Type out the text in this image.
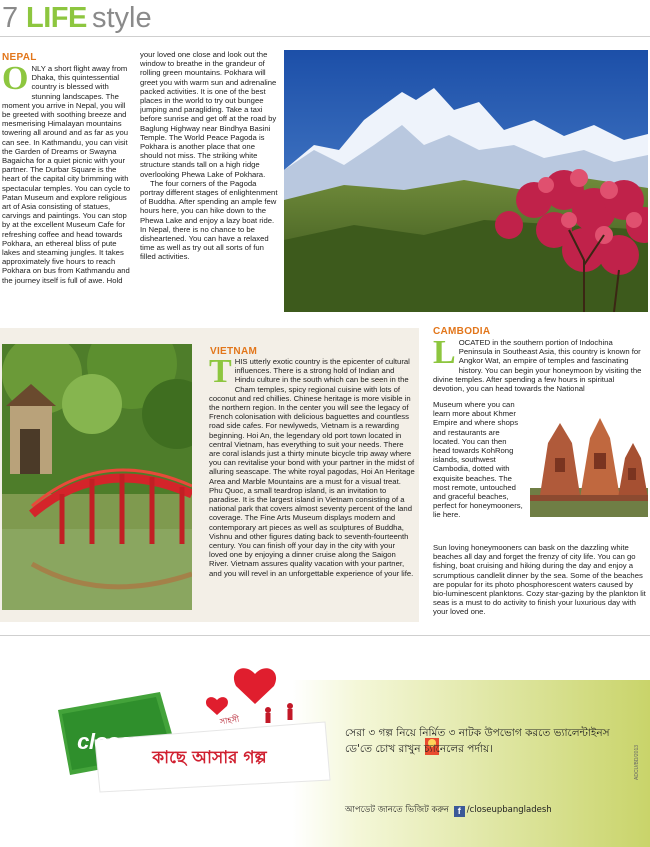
7 LIFE style
NEPAL
O NLY a short flight away from Dhaka, this quintessential country is blessed with stunning landscapes. The moment you arrive in Nepal, you will be greeted with soothing breeze and mesmerising Himalayan mountains towering all around and as far as you can see. In Kathmandu, you can visit the Garden of Dreams or Swayna Bagaicha for a quiet picnic with your partner. The Durbar Square is the heart of the capital city brimming with spectacular temples. You can cycle to Patan Museum and explore religious art of Asia consisting of statues, carvings and paintings. You can stop by at the excellent Museum Cafe for refreshing coffee and head towards Pokhara, an ethereal bliss of pute lakes and steaming jungles. It takes approximately five hours to reach Pokhara on bus from Kathmandu and the journey itself is full of awe. Hold

your loved one close and look out the window to breathe in the grandeur of rolling green mountains. Pokhara will greet you with warm sun and adrenaline packed activities. It is one of the best places in the world to try out bungee jumping and paragliding. Take a taxi before sunrise and get off at the road by Baglung Highway near Bindhya Basini Temple. The World Peace Pagoda is Pokhara is another place that one should not miss. The striking white structure stands tall on a high ridge overlooking Phewa Lake of Pokhara.

The four corners of the Pagoda portray different stages of enlightenment of Buddha. After spending an ample few hours here, you can hike down to the Phewa Lake and enjoy a lazy boat ride. In Nepal, there is no chance to be disheartened. You can have a relaxed time as well as try out all sorts of fun filled activities.

VIETNAM
T HIS utterly exotic country is the epicenter of cultural influences. There is a strong hold of Indian and Hindu culture in the south which can be seen in the Cham temples, spicy regional cuisine with lots of coconut and red chillies. Chinese heritage is more visible in the northern region. In the center you will see the legacy of French colonisation with delicious baguettes and countless road side cafes. For newlyweds, Vietnam is a rewarding beginning. Hoi An, the legendary old port town located in central Vietnam, has everything to suit your needs. There are coral islands just a thirty minute bicycle trip away where you can revitalise your bond with your partner in the midst of alluring seascape. The white royal pagodas, Hoi An Heritage Area and Marble Mountains are a must for a visual treat. Phu Quoc, a small teardrop island, is an invitation to paradise. It is the largest island in Vietnam consisting of a national park that covers almost seventy percent of the land coverage. The Fine Arts Museum displays modern and contemporary art pieces as well as sculptures of Buddha, Vishnu and other figures dating back to seventh-fourteenth century. You can finish off your day in the city with your loved one by enjoying a dinner cruise along the Saigon River. Vietnam assures quality vacation with your partner, and you will revel in an unforgettable experience of your life.
CAMBODIA
L OCATED in the southern portion of Indochina Peninsula in Southeast Asia, this country is known for Angkor Wat, an empire of temples and fascinating history. You can begin your honeymoon by visiting the divine temples. After spending a few hours in spiritual devotion, you can head towards the National
Museum where you can learn more about Khmer Empire and where shops and restaurants are located. You can then head towards KohRong islands, southwest Cambodia, dotted with exquisite beaches. The most remote, untouched and graceful beaches, perfect for honeymooners, lie here.
Sun loving honeymooners can bask on the dazzling white beaches all day and forget the frenzy of city life. You can go fishing, boat cruising and hiking during the day and enjoy a scrumptious candlelit dinner by the sea. Some of the beaches are popular for its photo phosphorescent waters caused by bio-luminescent planktons. Cozy star-gazing by the plankton lit seas is a must to do activity to finish your luxurious day with your loved one.
closeup
সাহসী
কাছে আসার গল্প
সেরা ৩ গল্প নিয়ে নির্মিত ৩ নাটক উপভোগ করতে ভ্যালেন্টাইনস
ডে'তে চোখ রাখুন চ্যানেলের পর্দায়।
আপডেট জানতে ভিজিট করুন f /closeupbangladesh
ADCU/BD/2013
